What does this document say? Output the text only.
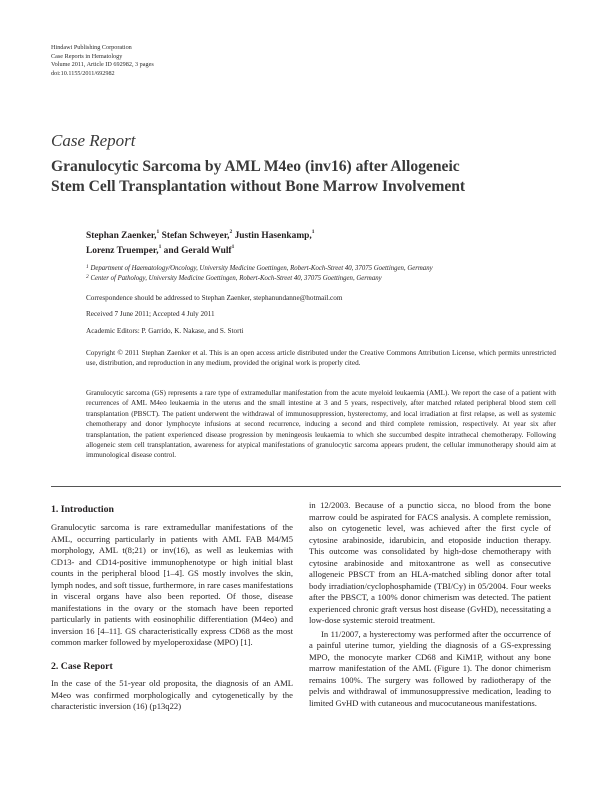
Hindawi Publishing Corporation
Case Reports in Hematology
Volume 2011, Article ID 692982, 3 pages
doi:10.1155/2011/692982
Case Report
Granulocytic Sarcoma by AML M4eo (inv16) after Allogeneic
Stem Cell Transplantation without Bone Marrow Involvement
Stephan Zaenker,$^1$ Stefan Schweyer,$^2$ Justin Hasenkamp,$^1$
Lorenz Truemper,$^1$ and Gerald Wulf$^1$
$^1$ Department of Haematology/Oncology, University Medicine Goettingen, Robert-Koch-Street 40, 37075 Goettingen, Germany
$^2$ Center of Pathology, University Medicine Goettingen, Robert-Koch-Street 40, 37075 Goettingen, Germany
Correspondence should be addressed to Stephan Zaenker, stephanundanne@hotmail.com
Received 7 June 2011; Accepted 4 July 2011
Academic Editors: P. Garrido, K. Nakase, and S. Storti
Copyright © 2011 Stephan Zaenker et al. This is an open access article distributed under the Creative Commons Attribution License, which permits unrestricted use, distribution, and reproduction in any medium, provided the original work is properly cited.
Granulocytic sarcoma (GS) represents a rare type of extramedullar manifestation from the acute myeloid leukaemia (AML). We report the case of a patient with recurrences of AML M4eo leukaemia in the uterus and the small intestine at 3 and 5 years, respectively, after matched related peripheral blood stem cell transplantation (PBSCT). The patient underwent the withdrawal of immunosuppression, hysterectomy, and local irradiation at first relapse, as well as systemic chemotherapy and donor lymphocyte infusions at second recurrence, inducing a second and third complete remission, respectively. At year six after transplantation, the patient experienced disease progression by meningeosis leukaemia to which she succumbed despite intrathecal chemotherapy. Following allogeneic stem cell transplantation, awareness for atypical manifestations of granulocytic sarcoma appears prudent, the cellular immunotherapy should aim at immunological disease control.
1. Introduction

Granulocytic sarcoma is rare extramedullar manifestations of the AML, occurring particularly in patients with AML FAB M4/M5 morphology, AML t(8;21) or inv(16), as well as leukemias with CD13- and CD14-positive immunophenotype or high initial blast counts in the peripheral blood [1–4]. GS mostly involves the skin, lymph nodes, and soft tissue, furthermore, in rare cases manifestations in visceral organs have also been reported. Of those, disease manifestations in the ovary or the stomach have been reported particularly in patients with eosinophilic differentiation (M4eo) and inversion 16 [4–11]. GS characteristically express CD68 as the most common marker followed by myeloperoxidase (MPO) [1].

2. Case Report

In the case of the 51-year old proposita, the diagnosis of an AML M4eo was confirmed morphologically and cytogenetically by the characteristic inversion (16) (p13q22)

in 12/2003. Because of a punctio sicca, no blood from the bone marrow could be aspirated for FACS analysis. A complete remission, also on cytogenetic level, was achieved after the first cycle of cytosine arabinoside, idarubicin, and etoposide induction therapy. This outcome was consolidated by high-dose chemotherapy with cytosine arabinoside and mitoxantrone as well as consecutive allogeneic PBSCT from an HLA-matched sibling donor after total body irradiation/cyclophosphamide (TBI/Cy) in 05/2004. Four weeks after the PBSCT, a 100% donor chimerism was detected. The patient experienced chronic graft versus host disease (GvHD), necessitating a low-dose systemic steroid treatment.

In 11/2007, a hysterectomy was performed after the occurrence of a painful uterine tumor, yielding the diagnosis of a GS-expressing MPO, the monocyte marker CD68 and KiM1P, without any bone marrow manifestation of the AML (Figure 1). The donor chimerism remains 100%. The surgery was followed by radiotherapy of the pelvis and withdrawal of immunosuppressive medication, leading to limited GvHD with cutaneous and mucocutaneous manifestations.
